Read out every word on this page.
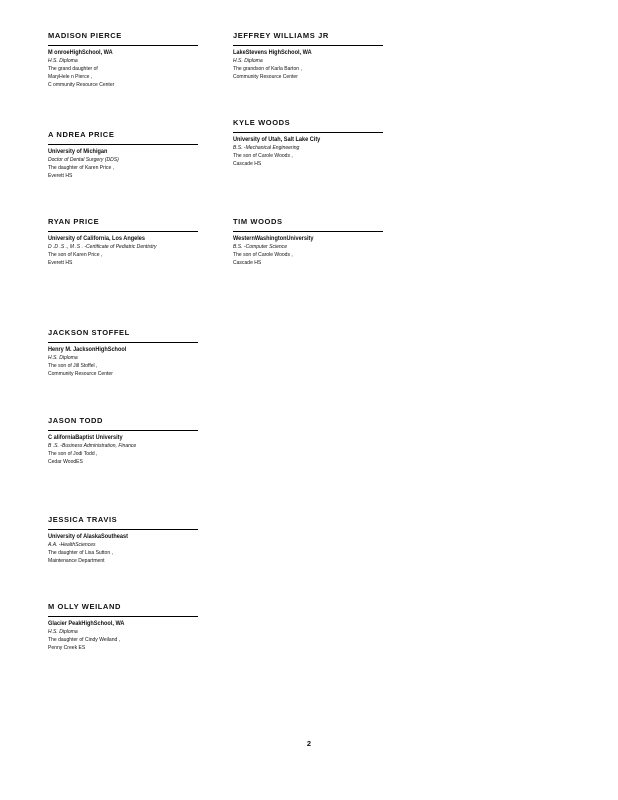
MADISON PIERCE
M onroeHighSchool, WA
H.S. Diploma
The grand daughter of
MaryHele n Pierce ,
C ommunity Resource Center
A NDREA PRICE
University of Michigan
Doctor of Dental Surgery (DDS)
The daughter of Karen Price ,
Everett HS
RYAN PRICE
University of California, Los Angeles
D .D .S ., M .S . -Certificate of Pediatric Dentistry
The son of Karen Price ,
Everett HS
JACKSON STOFFEL
Henry M. JacksonHighSchool
H.S. Diploma
The son of Jill Stoffel ,
Community Resource Center
JASON TODD
C aliforniaBaptist University
B .S. -Business Administration, Finance
The son of Jodi Todd ,
Cedar WoodES
JESSICA TRAVIS
University of AlaskaSoutheast
A.A. -HealthSciences
The daughter of Lisa Sutton ,
Maintenance Department
M OLLY WEILAND
Glacier PeakHighSchool, WA
H.S. Diploma
The daughter of Cindy Weiland ,
Penny Creek ES
JEFFREY WILLIAMS JR
LakeStevens HighSchool, WA
H.S. Diploma
The grandson of Karla Barton ,
Community Resource Center
KYLE WOODS
University of Utah, Salt Lake City
B.S. -Mechanical Engineering
The son of Carole Woods ,
Cascade HS
TIM WOODS
WesternWashingtonUniversity
B.S. -Computer Science
The son of Carole Woods ,
Cascade HS
2
